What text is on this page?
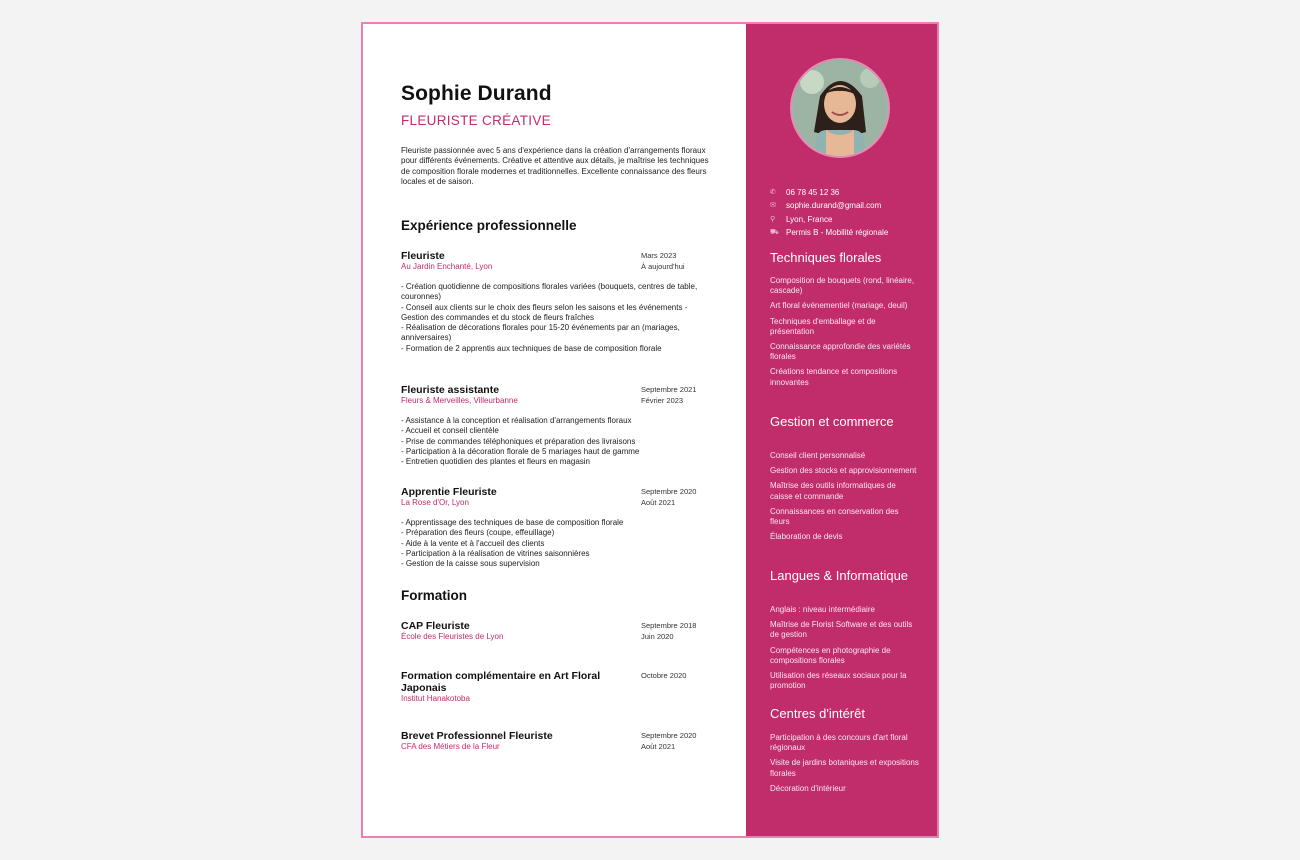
Sophie Durand
FLEURISTE CRÉATIVE
Fleuriste passionnée avec 5 ans d'expérience dans la création d'arrangements floraux pour différents événements. Créative et attentive aux détails, je maîtrise les techniques de composition florale modernes et traditionnelles. Excellente connaissance des fleurs locales et de saison.
Expérience professionnelle
Fleuriste
Au Jardin Enchanté, Lyon
Mars 2023
À aujourd'hui
- Création quotidienne de compositions florales variées (bouquets, centres de table, couronnes)
- Conseil aux clients sur le choix des fleurs selon les saisons et les événements - Gestion des commandes et du stock de fleurs fraîches
- Réalisation de décorations florales pour 15-20 événements par an (mariages, anniversaires)
- Formation de 2 apprentis aux techniques de base de composition florale
Fleuriste assistante
Fleurs & Merveilles, Villeurbanne
Septembre 2021
Février 2023
- Assistance à la conception et réalisation d'arrangements floraux
- Accueil et conseil clientèle
- Prise de commandes téléphoniques et préparation des livraisons
- Participation à la décoration florale de 5 mariages haut de gamme
- Entretien quotidien des plantes et fleurs en magasin
Apprentie Fleuriste
La Rose d'Or, Lyon
Septembre 2020
Août 2021
- Apprentissage des techniques de base de composition florale
- Préparation des fleurs (coupe, effeuillage)
- Aide à la vente et à l'accueil des clients
- Participation à la réalisation de vitrines saisonnières
- Gestion de la caisse sous supervision
Formation
CAP Fleuriste
École des Fleuristes de Lyon
Septembre 2018
Juin 2020
Formation complémentaire en Art Floral Japonais
Institut Hanakotoba
Octobre 2020
Brevet Professionnel Fleuriste
CFA des Métiers de la Fleur
Septembre 2020
Août 2021
✆	06 78 45 12 36
✉	sophie.durand@gmail.com
⚲	Lyon, France
⛟ Permis B - Mobilité régionale
Techniques florales
Composition de bouquets (rond, linéaire, cascade)
Art floral événementiel (mariage, deuil)
Techniques d'emballage et de présentation
Connaissance approfondie des variétés florales
Créations tendance et compositions innovantes
Gestion et commerce
Conseil client personnalisé
Gestion des stocks et approvisionnement
Maîtrise des outils informatiques de caisse et commande
Connaissances en conservation des fleurs
Élaboration de devis
Langues & Informatique
Anglais : niveau intermédiaire
Maîtrise de Florist Software et des outils de gestion
Compétences en photographie de compositions florales
Utilisation des réseaux sociaux pour la promotion
Centres d'intérêt
Participation à des concours d'art floral régionaux
Visite de jardins botaniques et expositions florales
Décoration d'intérieur
